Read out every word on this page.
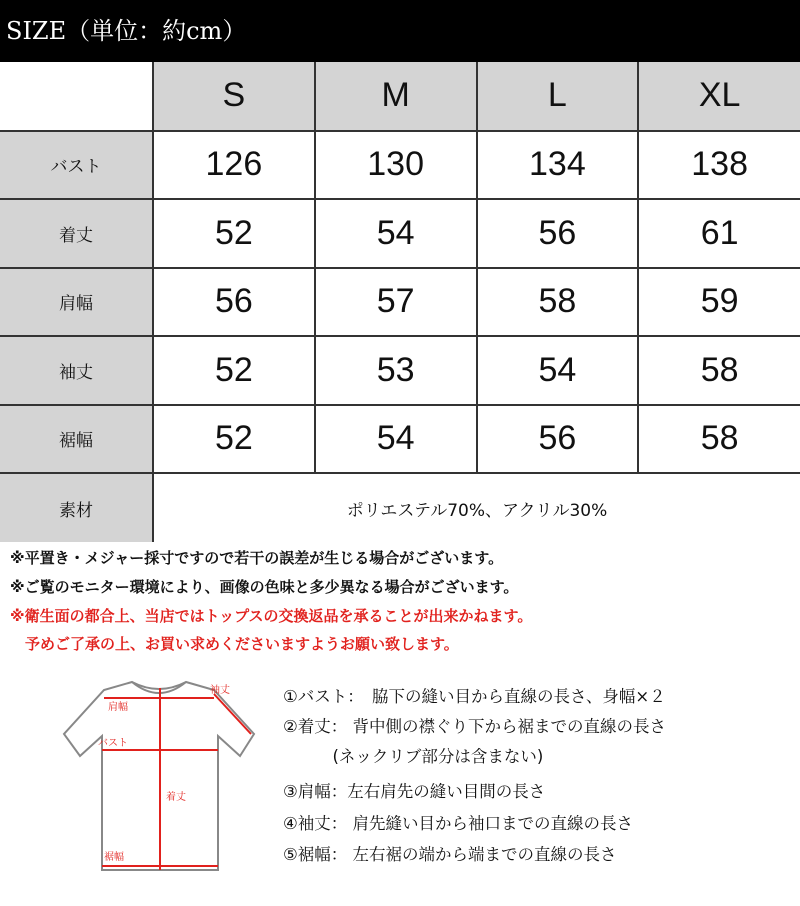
SIZE（単位：約cm）
	S	M	L	XL
バスト	126	130	134	138
着丈	52	54	56	61
肩幅	56	57	58	59
袖丈	52	53	54	58
裾幅	52	54	56	58
素材	ポリエステル70%、アクリル30%			
※平置き・メジャー採寸ですので若干の誤差が生じる場合がございます。
※ご覧のモニター環境により、画像の色味と多少異なる場合がございます。
※衛生面の都合上、当店ではトップスの交換返品を承ることが出来かねます。
　予めご了承の上、お買い求めくださいますようお願い致します。
肩幅
袖丈
バスト
着丈
裾幅
①バスト：　脇下の縫い目から直線の長さ、身幅×２
②着丈： 背中側の襟ぐり下から裾までの直線の長さ
　　　(ネックリブ部分は含まない)
③肩幅：左右肩先の縫い目間の長さ
④袖丈： 肩先縫い目から袖口までの直線の長さ
⑤裾幅： 左右裾の端から端までの直線の長さ
